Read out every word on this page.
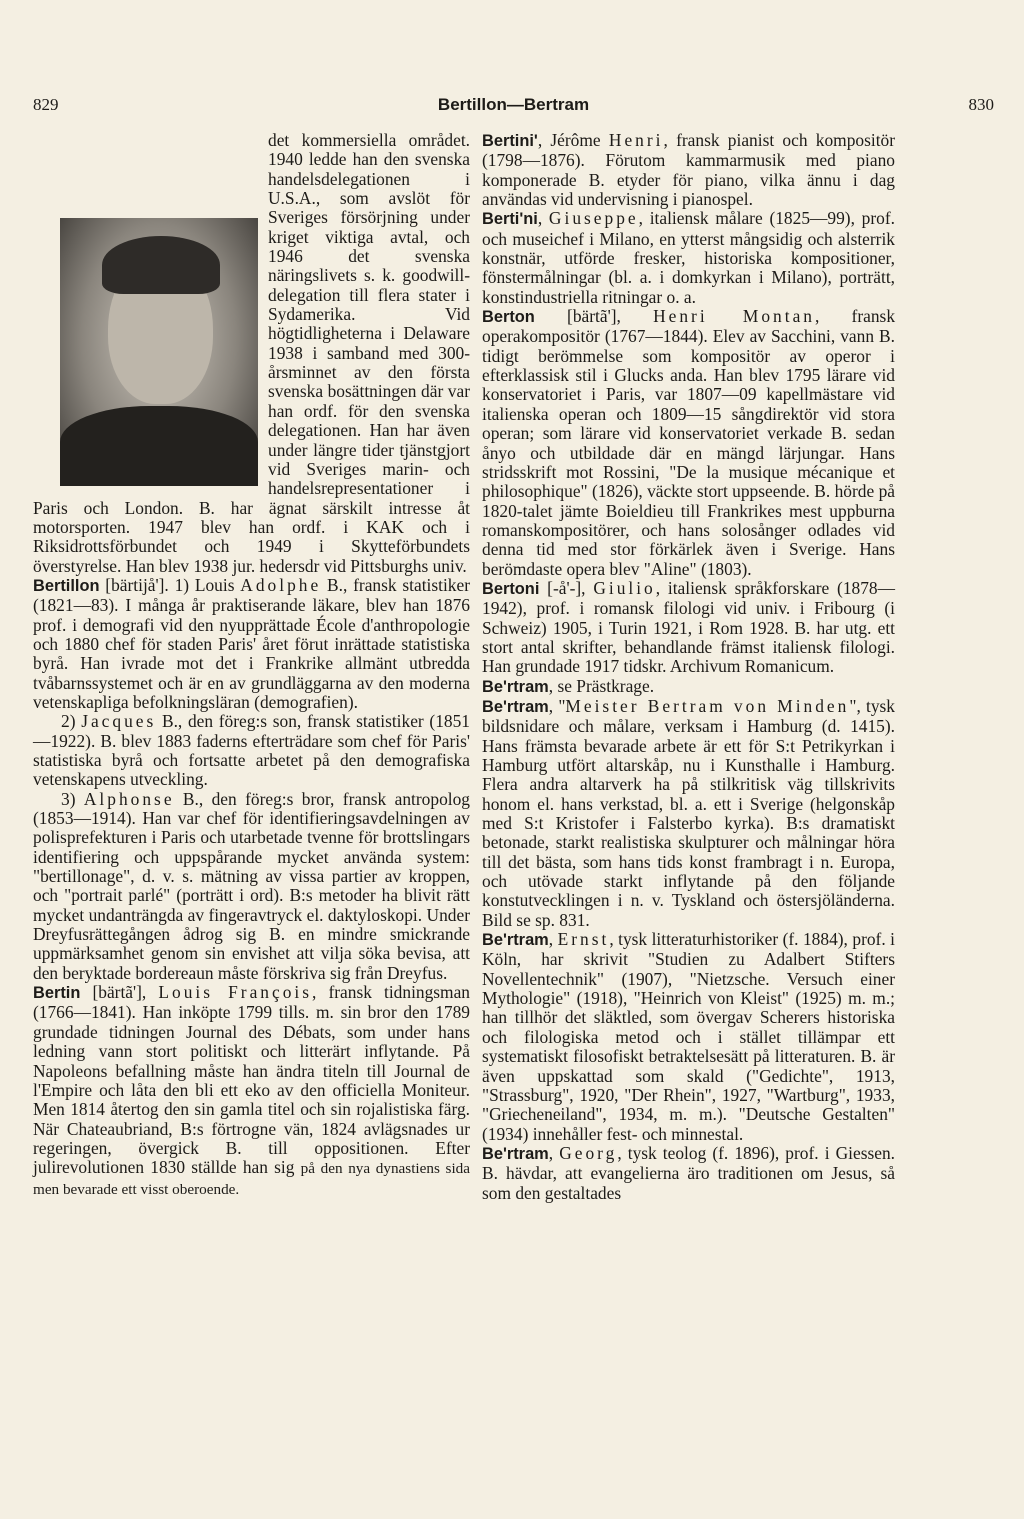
829	Bertillon—Bertram	830

det kommersiella området. 1940 ledde han den svenska handelsdelegationen i U.S.A., som avslöt för Sveriges försörjning under kriget viktiga avtal, och 1946 det svenska näringslivets s. k. goodwill-delegation till flera stater i Sydamerika. Vid högtidligheterna i Delaware 1938 i samband med 300-årsminnet av den första svenska bosättningen där var han ordf. för den svenska delegationen. Han har även under längre tider tjänstgjort vid Sveriges marin- och handelsrepresentationer i Paris och London. B. har ägnat särskilt intresse åt motorsporten. 1947 blev han ordf. i KAK och i Riksidrottsförbundet och 1949 i Skytteförbundets överstyrelse. Han blev 1938 jur. hedersdr vid Pittsburghs univ.

Bertillon [bärtijå']. 1) Louis Adolphe B., fransk statistiker (1821—83). I många år praktiserande läkare, blev han 1876 prof. i demografi vid den nyupprättade École d'anthropologie och 1880 chef för staden Paris' året förut inrättade statistiska byrå. Han ivrade mot det i Frankrike allmänt utbredda tvåbarnssystemet och är en av grundläggarna av den moderna vetenskapliga befolkningsläran (demografien).

2) Jacques B., den föreg:s son, fransk statistiker (1851—1922). B. blev 1883 faderns efterträdare som chef för Paris' statistiska byrå och fortsatte arbetet på den demografiska vetenskapens utveckling.

3) Alphonse B., den föreg:s bror, fransk antropolog (1853—1914). Han var chef för identifieringsavdelningen av polisprefekturen i Paris och utarbetade tvenne för brottslingars identifiering och uppspårande mycket använda system: "bertillonage", d. v. s. mätning av vissa partier av kroppen, och "portrait parlé" (porträtt i ord). B:s metoder ha blivit rätt mycket undanträngda av fingeravtryck el. daktyloskopi. Under Dreyfusrättegången ådrog sig B. en mindre smickrande uppmärksamhet genom sin envishet att vilja söka bevisa, att den beryktade bordereaun måste förskriva sig från Dreyfus.

Bertin [bärtã'], Louis François, fransk tidningsman (1766—1841). Han inköpte 1799 tills. m. sin bror den 1789 grundade tidningen Journal des Débats, som under hans ledning vann stort politiskt och litterärt inflytande. På Napoleons befallning måste han ändra titeln till Journal de l'Empire och låta den bli ett eko av den officiella Moniteur. Men 1814 återtog den sin gamla titel och sin rojalistiska färg. När Chateaubriand, B:s förtrogne vän, 1824 avlägsnades ur regeringen, övergick B. till oppositionen. Efter julirevolutionen 1830 ställde han sig på den nya dynastiens sida men bevarade ett visst oberoende.

Bertini', Jérôme Henri, fransk pianist och kompositör (1798—1876). Förutom kammarmusik med piano komponerade B. etyder för piano, vilka ännu i dag användas vid undervisning i pianospel.

Berti'ni, Giuseppe, italiensk målare (1825—99), prof. och museichef i Milano, en ytterst mångsidig och alsterrik konstnär, utförde fresker, historiska kompositioner, fönstermålningar (bl. a. i domkyrkan i Milano), porträtt, konstindustriella ritningar o. a.

Berton [bärtã'], Henri Montan, fransk operakompositör (1767—1844). Elev av Sacchini, vann B. tidigt berömmelse som kompositör av operor i efterklassisk stil i Glucks anda. Han blev 1795 lärare vid konservatoriet i Paris, var 1807—09 kapellmästare vid italienska operan och 1809—15 sångdirektör vid stora operan; som lärare vid konservatoriet verkade B. sedan ånyo och utbildade där en mängd lärjungar. Hans stridsskrift mot Rossini, "De la musique mécanique et philosophique" (1826), väckte stort uppseende. B. hörde på 1820-talet jämte Boieldieu till Frankrikes mest uppburna romanskompositörer, och hans solosånger odlades vid denna tid med stor förkärlek även i Sverige. Hans berömdaste opera blev "Aline" (1803).

Bertoni [-å'-], Giulio, italiensk språkforskare (1878—1942), prof. i romansk filologi vid univ. i Fribourg (i Schweiz) 1905, i Turin 1921, i Rom 1928. B. har utg. ett stort antal skrifter, behandlande främst italiensk filologi. Han grundade 1917 tidskr. Archivum Romanicum.

Be'rtram, se Prästkrage.

Be'rtram, "Meister Bertram von Minden", tysk bildsnidare och målare, verksam i Hamburg (d. 1415). Hans främsta bevarade arbete är ett för S:t Petrikyrkan i Hamburg utfört altarskåp, nu i Kunsthalle i Hamburg. Flera andra altarverk ha på stilkritisk väg tillskrivits honom el. hans verkstad, bl. a. ett i Sverige (helgonskåp med S:t Kristofer i Falsterbo kyrka). B:s dramatiskt betonade, starkt realistiska skulpturer och målningar höra till det bästa, som hans tids konst frambragt i n. Europa, och utövade starkt inflytande på den följande konstutvecklingen i n. v. Tyskland och östersjöländerna. Bild se sp. 831.

Be'rtram, Ernst, tysk litteraturhistoriker (f. 1884), prof. i Köln, har skrivit "Studien zu Adalbert Stifters Novellentechnik" (1907), "Nietzsche. Versuch einer Mythologie" (1918), "Heinrich von Kleist" (1925) m. m.; han tillhör det släktled, som övergav Scherers historiska och filologiska metod och i stället tillämpar ett systematiskt filosofiskt betraktelsesätt på litteraturen. B. är även uppskattad som skald ("Gedichte", 1913, "Strassburg", 1920, "Der Rhein", 1927, "Wartburg", 1933, "Griecheneiland", 1934, m. m.). "Deutsche Gestalten" (1934) innehåller fest- och minnestal.

Be'rtram, Georg, tysk teolog (f. 1896), prof. i Giessen. B. hävdar, att evangelierna äro traditionen om Jesus, så som den gestaltades
